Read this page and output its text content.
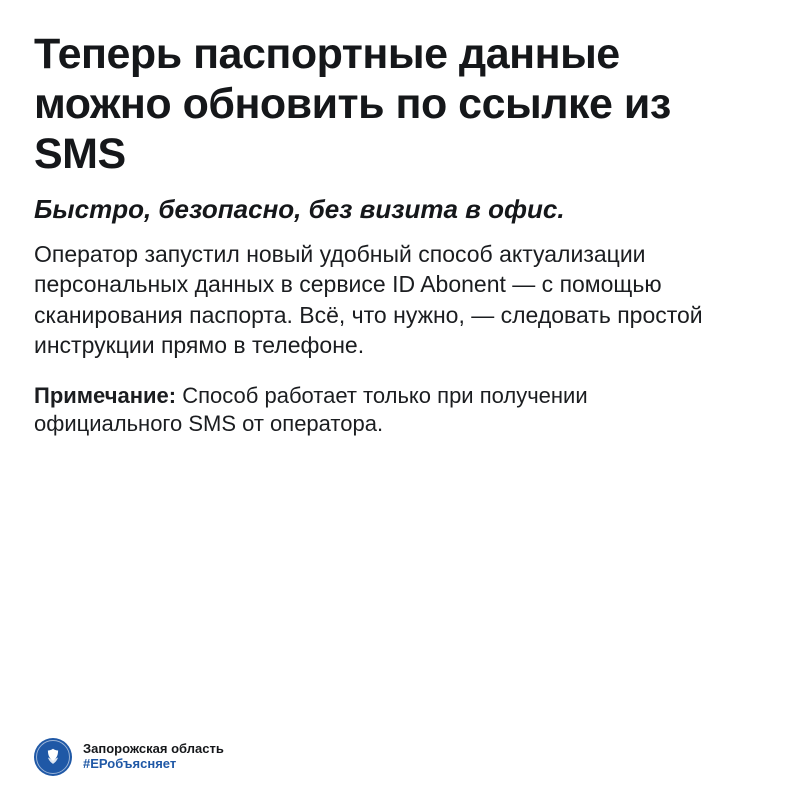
Теперь паспортные данные можно обновить по ссылке из SMS

Быстро, безопасно, без визита в офис.

Оператор запустил новый удобный способ актуализации персональных данных в сервисе ID Abonent — с помощью сканирования паспорта. Всё, что нужно, — следовать простой инструкции прямо в телефоне.

Примечание: Способ работает только при получении официального SMS от оператора.

Запорожская область
#ЕРобъясняет
